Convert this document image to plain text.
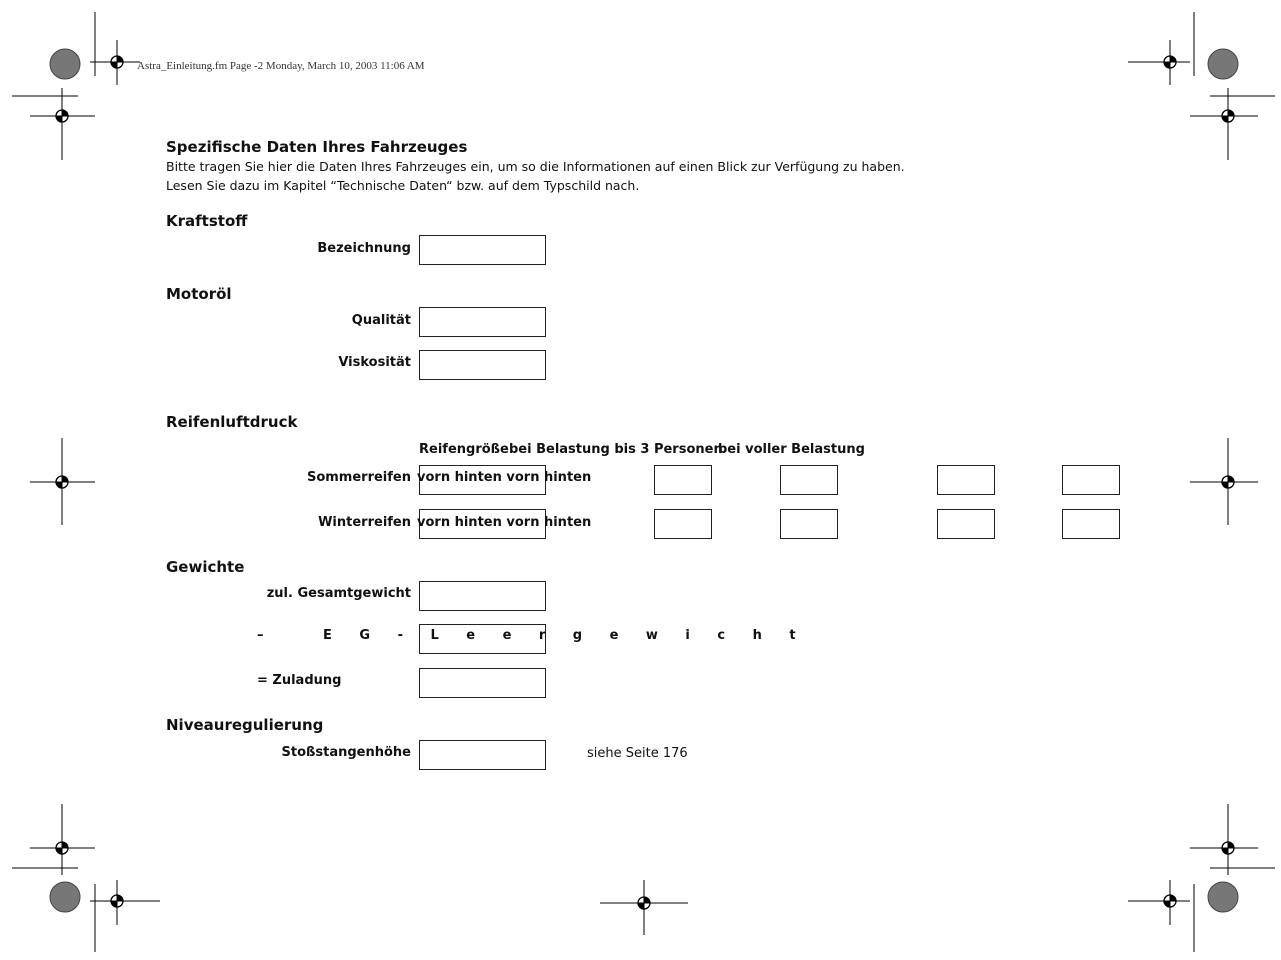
Astra_Einleitung.fm Page -2 Monday, March 10, 2003 11:06 AM
Spezifische Daten Ihres Fahrzeuges
Bitte tragen Sie hier die Daten Ihres Fahrzeuges ein, um so die Informationen auf einen Blick zur Verfügung zu haben.
Lesen Sie dazu im Kapitel “Technische Daten“ bzw. auf dem Typschild nach.
Kraftstoff
Bezeichnung
Motoröl
Qualität
Viskosität
Reifenluftdruck
Reifengröße bei Belastung bis 3 Personen
bei voller Belastung
Sommerreifen vorn hinten vorn hinten
Winterreifen vorn hinten vorn hinten
Gewichte
zul. Gesamtgewicht
– EG-Leergewicht
= Zuladung
Niveauregulierung
Stoßstangenhöhe	siehe Seite 176
